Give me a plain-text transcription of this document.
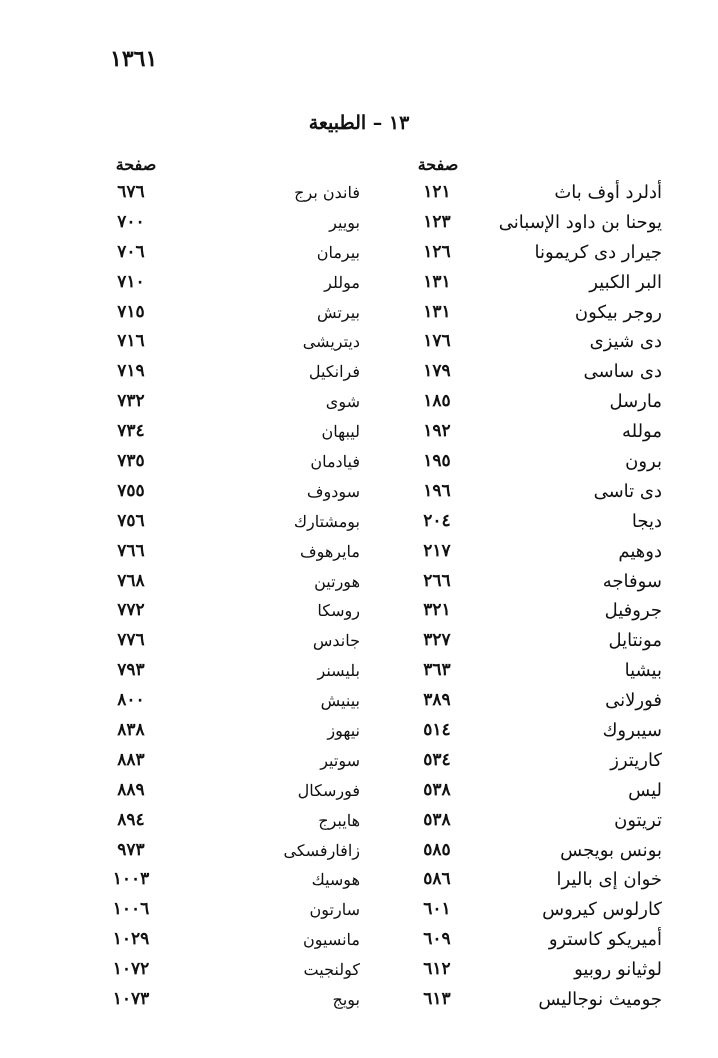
١٣٦١
١٣ – الطبيعة
صفحة	صفحة
أدلرد أوف باث
١٢١
فاندن برج
٦٧٦
يوحنا بن داود الإسبانى
١٢٣
بويير
٧٠٠
جيرار دى كريمونا
١٢٦
بيرمان
٧٠٦
البر الكبير
١٣١
موللر
٧١٠
روجر بيكون
١٣١
بيرتش
٧١٥
دى شيزى
١٧٦
ديتريشى
٧١٦
دى ساسى
١٧٩
فرانكيل
٧١٩
مارسل
١٨٥
شوى
٧٣٢
مولله
١٩٢
ليبهان
٧٣٤
برون
١٩٥
فيادمان
٧٣٥
دى تاسى
١٩٦
سودوف
٧٥٥
ديجا
٢٠٤
بومشتارك
٧٥٦
دوهيم
٢١٧
مايرهوف
٧٦٦
سوفاجه
٢٦٦
هورتين
٧٦٨
جروفيل
٣٢١
روسكا
٧٧٢
مونتايل
٣٢٧
جاندس
٧٧٦
بيشيا
٣٦٣
بليسنر
٧٩٣
فورلانى
٣٨٩
بينيش
٨٠٠
سيبروك
٥١٤
نيهوز
٨٣٨
كاريترز
٥٣٤
سوتير
٨٨٣
ليس
٥٣٨
فورسكال
٨٨٩
تريتون
٥٣٨
هايبرج
٨٩٤
بونس بويجس
٥٨٥
زافارفسكى
٩٧٣
خوان إى باليرا
٥٨٦
هوسيك
١٠٠٣
كارلوس كيروس
٦٠١
سارتون
١٠٠٦
أميريكو كاسترو
٦٠٩
مانسيون
١٠٢٩
لوثيانو روبيو
٦١٢
كولنجيت
١٠٧٢
جوميث نوجاليس
٦١٣
بويج
١٠٧٣
